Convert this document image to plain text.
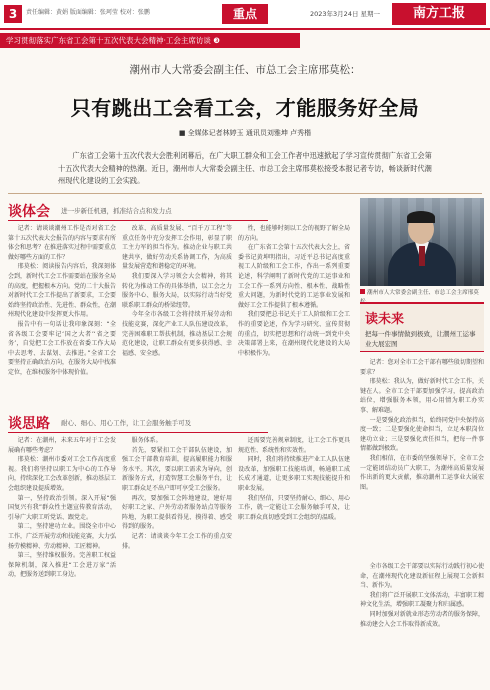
3	责任编辑：黄娟 版面编辑：张珂莹 校对：张鹏	重点	2023年3月24日 星期一	南方工报
学习贯彻落实广东省工会第十五次代表大会精神·工会主席访谈 ❸
潮州市人大常委会副主任、市总工会主席邢莫松：
只有跳出工会看工会，才能服务好全局
■ 全媒体记者林婷玉 通讯员刘雅坤 卢秀楷
广东省工会第十五次代表大会胜利闭幕后，在广大职工群众和工会工作者中迅速掀起了学习宣传贯彻广东省工会第十五次代表大会精神的热潮。近日，潮州市人大常委会副主任、市总工会主席邢莫松接受本报记者专访，畅谈新时代潮州现代化建设的工会实践。
谈体会 进一步新任机遇，抓准结合点和发力点

记者：请谈谈潮州工作是否对省工会第十五次代表大会报告的内容与要求有所体会和思考？在推进落实过程中需要重点做好哪些方面的工作？

邢莫松：阅读报告内容后，我深刻体会到，新时代工会工作需要站在服务全局的高度，把握根本方向。党的二十大报告对新时代工会工作提出了新要求，工会要始终坚持政治性、先进性、群众性，在潮州现代化建设中发挥更大作用。

报告中有一句话让我印象深刻：“全省各级工会要牢记‘国之大者’‘省之要务’，自觉把工会工作放在省委工作大局中去思考、去谋划、去推进。”全省工会要坚持正确政治方向，在服务大局中找准定位，在维权服务中体现价值。

改革、高质量发展、“百千万工程”等重点任务中充分发挥工会作用，彰显了职工主力军的担当作为。推动企业与职工共建共享，做好劳动关系协调工作，为高质量发展营造和谐稳定的环境。

我们要深入学习领会大会精神，将其转化为推动工作的具体举措，以工会之力服务中心、服务大局，以实际行动当好党联系职工群众的桥梁纽带。

今年全市各级工会将持续开展劳动和技能竞赛，深化产业工人队伍建设改革，完善困难职工帮扶机制，推动基层工会规范化建设，让职工群众有更多获得感、幸福感、安全感。

性，也能够时刻以工会的视野了解全局的方向。

在广东省工会第十五次代表大会上，省委书记黄坤明指出，习近平总书记高度重视工人阶级和工会工作，作出一系列重要论述，科学阐明了新时代党的工运事业和工会工作一系列方向性、根本性、战略性重大问题，为新时代党的工运事业发展和做好工会工作提供了根本遵循。

我们要把总书记关于工人阶级和工会工作的重要论述，作为学习研究、宣传贯彻的重点，切实把思想和行动统一到党中央决策部署上来，在潮州现代化建设的大局中积极作为。

潮州市人大常委会副主任、市总工会主席邢莫
读未来
把每一件事情做到极致，让潮州工运事业大展宏图

记者：您对全市工会干部有哪些殷切期望和要求？

邢莫松：我认为，做好新时代工会工作，关键在人。全市工会干部要加强学习，提高政治站位，增强服务本领，用心用情为职工办实事、解难题。

一是要强化政治担当，始终同党中央保持高度一致；二是要强化使命担当，立足本职岗位建功立业；三是要强化责任担当，把每一件事情都做到极致。

我们相信，在市委的坚强领导下，全市工会一定能团结动员广大职工，为潮州高质量发展作出新的更大贡献，推动潮州工运事业大展宏图。

谈思路 耐心、细心、用心工作，让工会服务触手可及

记者：在潮州，未来五年对于工会发展确有哪些考虑？

邢莫松：潮州市委对工会工作高度重视。我们将坚持以职工为中心的工作导向，持续深化工会改革创新，推动基层工会组织建设提质增效。

第一，坚持政治引领。深入开展“强国复兴有我”群众性主题宣传教育活动，引导广大职工听党话、跟党走。

第二，坚持建功立业。围绕全市中心工作，广泛开展劳动和技能竞赛，大力弘扬劳模精神、劳动精神、工匠精神。

第三，坚持维权服务。完善职工权益保障机制，深入推进“工会进万家”活动，把服务送到职工身边。

服务体系。

首先，要紧扣工会干部队伍建设，加强工会干部教育培训，提高履职能力和服务水平。其次，要以职工需求为导向，创新服务方式，打造智慧工会服务平台，让职工群众足不出户即可享受工会服务。

再次，要加强工会阵地建设，建好用好职工之家、户外劳动者服务站点等服务阵地，为职工提供看得见、摸得着、感受得到的服务。

记者：请谈谈今年工会工作的重点安排。

还需要完善规章制度，让工会工作更具规范性、系统性和实效性。

同时，我们将持续推进产业工人队伍建设改革，加强职工技能培训，畅通职工成长成才通道，让更多职工实现技能提升和职业发展。

我们坚信，只要坚持耐心、细心、用心工作，就一定能让工会服务触手可及，让职工群众真切感受到工会组织的温暖。

全市各级工会干部要以实际行动践行初心使命，在潮州现代化建设新征程上展现工会新担当、新作为。

我们将广泛开展职工文体活动，丰富职工精神文化生活，增强职工凝聚力和归属感。

同时加强对新就业形态劳动者的服务保障，推动建会入会工作取得新成效。
